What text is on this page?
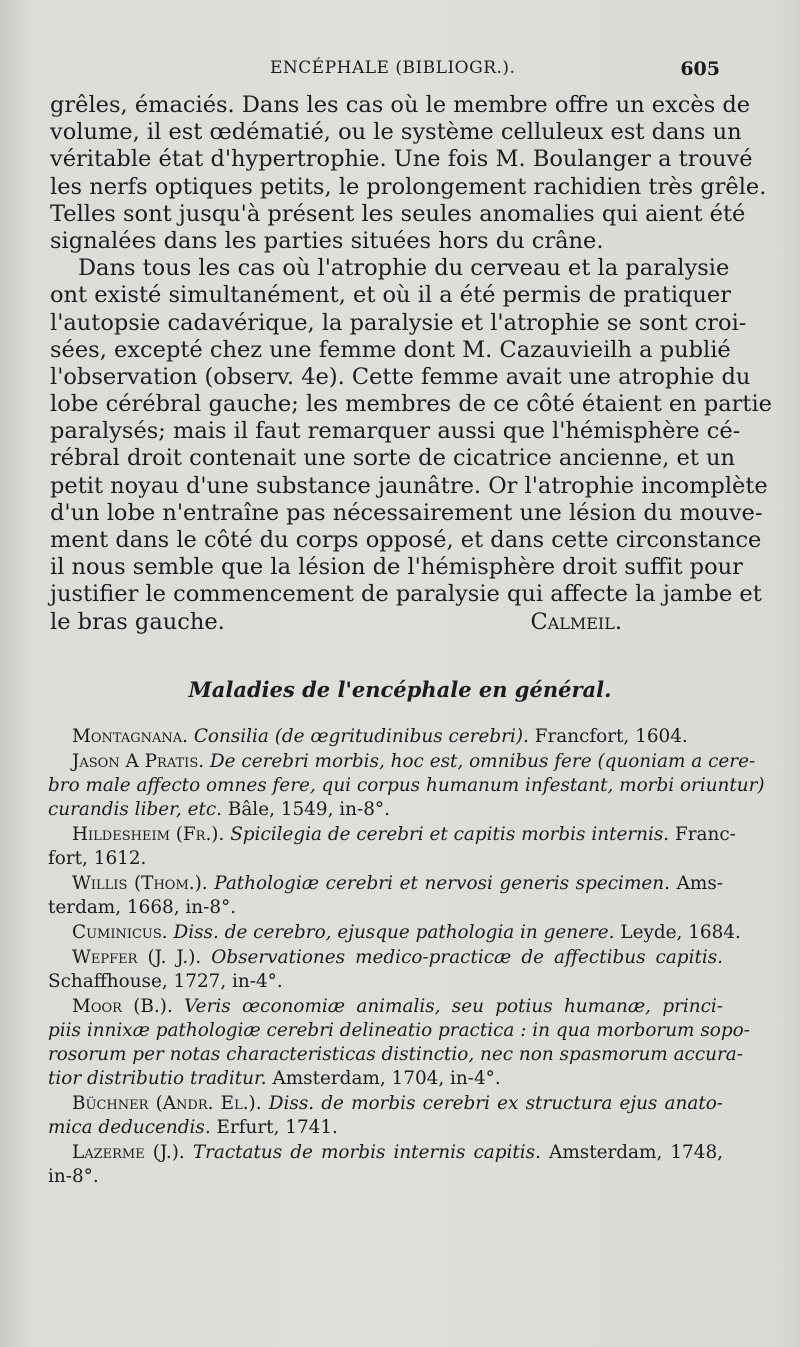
ENCÉPHALE (BIBLIOGR.).	605
grêles, émaciés. Dans les cas où le membre offre un excès de
volume, il est œdématié, ou le système celluleux est dans un
véritable état d'hypertrophie. Une fois M. Boulanger a trouvé
les nerfs optiques petits, le prolongement rachidien très grêle.
Telles sont jusqu'à présent les seules anomalies qui aient été
signalées dans les parties situées hors du crâne.
Dans tous les cas où l'atrophie du cerveau et la paralysie
ont existé simultanément, et où il a été permis de pratiquer
l'autopsie cadavérique, la paralysie et l'atrophie se sont croi-
sées, excepté chez une femme dont M. Cazauvieilh a publié
l'observation (observ. 4e). Cette femme avait une atrophie du
lobe cérébral gauche; les membres de ce côté étaient en partie
paralysés; mais il faut remarquer aussi que l'hémisphère cé-
rébral droit contenait une sorte de cicatrice ancienne, et un
petit noyau d'une substance jaunâtre. Or l'atrophie incomplète
d'un lobe n'entraîne pas nécessairement une lésion du mouve-
ment dans le côté du corps opposé, et dans cette circonstance
il nous semble que la lésion de l'hémisphère droit suffit pour
justifier le commencement de paralysie qui affecte la jambe et
le bras gauche.	Calmeil.
Maladies de l'encéphale en général.
Montagnana. Consilia (de œgritudinibus cerebri). Francfort, 1604.
Jason A Pratis. De cerebri morbis, hoc est, omnibus fere (quoniam a cere-
bro male affecto omnes fere, qui corpus humanum infestant, morbi oriuntur)
curandis liber, etc. Bâle, 1549, in-8°.
Hildesheim (Fr.). Spicilegia de cerebri et capitis morbis internis. Franc-
fort, 1612.
Willis (Thom.). Pathologiæ cerebri et nervosi generis specimen. Ams-
terdam, 1668, in-8°.
Cuminicus. Diss. de cerebro, ejusque pathologia in genere. Leyde, 1684.
Wepfer (J. J.). Observationes medico-practicæ de affectibus capitis.
Schaffhouse, 1727, in-4°.
Moor (B.). Veris œconomiæ animalis, seu potius humanæ, princi-
piis innixæ pathologiæ cerebri delineatio practica : in qua morborum sopo-
rosorum per notas characteristicas distinctio, nec non spasmorum accura-
tior distributio traditur. Amsterdam, 1704, in-4°.
Büchner (Andr. El.). Diss. de morbis cerebri ex structura ejus anato-
mica deducendis. Erfurt, 1741.
Lazerme (J.). Tractatus de morbis internis capitis. Amsterdam, 1748,
in-8°.
